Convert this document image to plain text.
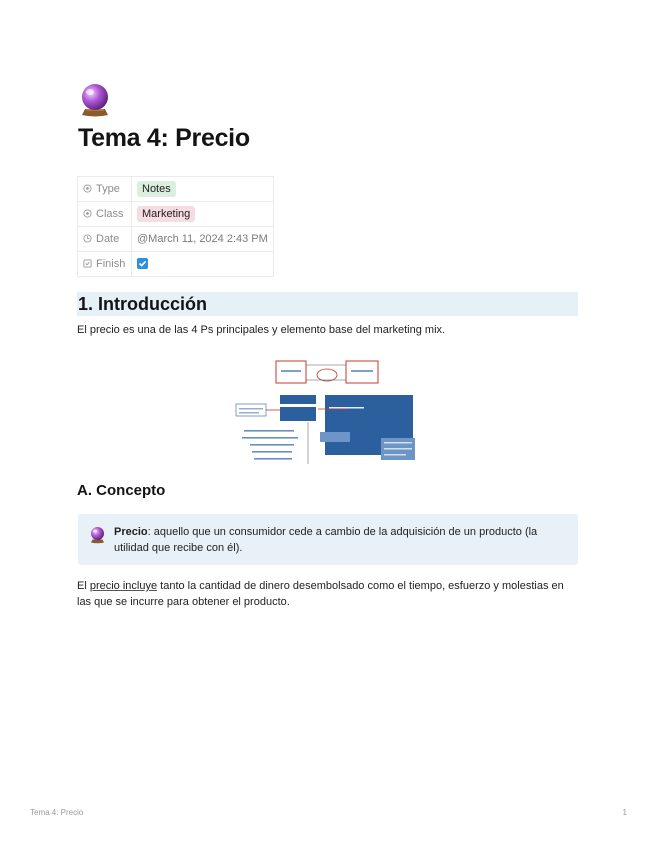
Tema 4: Precio
Type	Notes
Class	Marketing
Date	@March 11, 2024 2:43 PM
Finish	
1. Introducción

El precio es una de las 4 Ps principales y elemento base del marketing mix.

A. Concepto

Precio: aquello que un consumidor cede a cambio de la adquisición de un producto (la utilidad que recibe con él).

El precio incluye tanto la cantidad de dinero desembolsado como el tiempo, esfuerzo y molestias en las que se incurre para obtener el producto.

Tema 4: Precio	1
